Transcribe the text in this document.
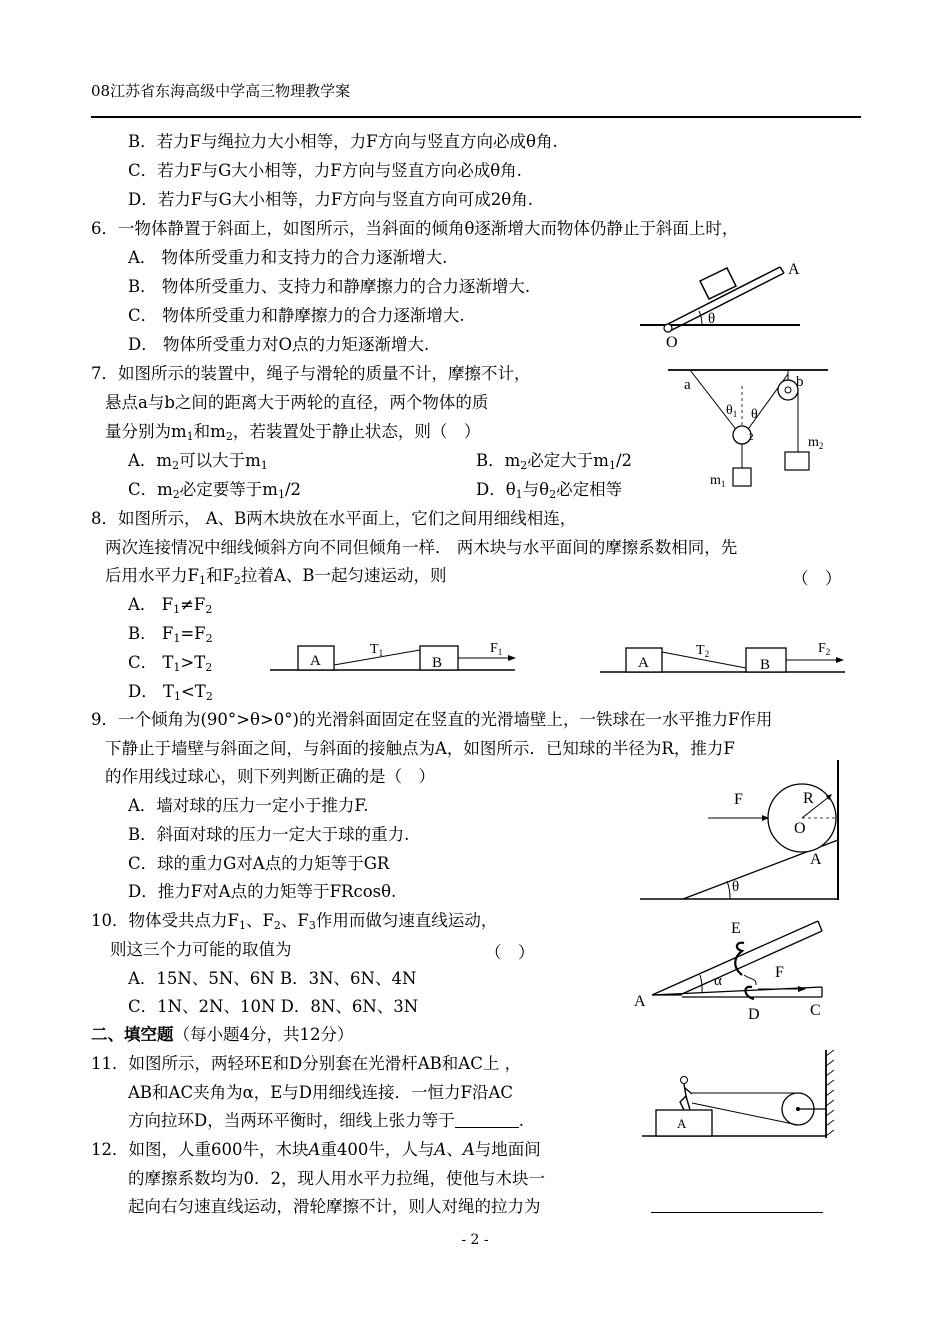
08江苏省东海高级中学高三物理教学案
B．若力F与绳拉力大小相等，力F方向与竖直方向必成θ角.
C．若力F与G大小相等，力F方向与竖直方向必成θ角.
D．若力F与G大小相等，力F方向与竖直方向可成2θ角.
6．一物体静置于斜面上，如图所示，当斜面的倾角θ逐渐增大而物体仍静止于斜面上时，
A． 物体所受重力和支持力的合力逐渐增大.
B． 物体所受重力、支持力和静摩擦力的合力逐渐增大.
C． 物体所受重力和静摩擦力的合力逐渐增大.
D． 物体所受重力对O点的力矩逐渐增大.
A
O
θ
7．如图所示的装置中，绳子与滑轮的质量不计，摩擦不计，
悬点a与b之间的距离大于两轮的直径，两个物体的质
量分别为$m_1$和$m_2$，若装置处于静止状态，则（　）
A．$m_2$可以大于$m_1$	B．$m_2$必定大于$m_1/2$
C．$m_2$必定要等于$m_1/2$	D．$\theta_1$与$\theta_2$必定相等
a	b
$\theta_1$ θ
2
$m_1$
$m_2$
8．如图所示， A、B两木块放在水平面上，它们之间用细线相连，
两次连接情况中细线倾斜方向不同但倾角一样． 两木块与水平面间的摩擦系数相同，先
后用水平力$F_1$和$F_2$拉着A、B一起匀速运动，则	（　）
A． $F_1\ne F_2$
B． $F_1=F_2$
C． $T_1>T_2$
D． $T_1<T_2$
A	B
$T_1$	$F_1$
A	B
$T_2$	$F_2$
9．一个倾角为(90°>θ>0°)的光滑斜面固定在竖直的光滑墙壁上，一铁球在一水平推力F作用
下静止于墙壁与斜面之间，与斜面的接触点为A，如图所示．已知球的半径为R，推力F
的作用线过球心，则下列判断正确的是（　）
A．墙对球的压力一定小于推力F.
B．斜面对球的压力一定大于球的重力.
C．球的重力G对A点的力矩等于GR
D．推力F对A点的力矩等于FRcosθ.
F	R
O
A
θ
10．物体受共点力$F_1$、$F_2$、$F_3$作用而做匀速直线运动，
则这三个力可能的取值为	（　）
A．15N、5N、6N B．3N、6N、4N
C．1N、2N、10N D．8N、6N、3N
E
A
α	F
D	C
二、填空题（每小题4分，共12分）
11．如图所示，两轻环E和D分别套在光滑杆AB和AC上 ，
AB和AC夹角为α，E与D用细线连接．一恒力F沿AC
方向拉环D，当两环平衡时，细线上张力等于	.
12．如图，人重600牛，木块A重400牛，人与A、A与地面间
的摩擦系数均为0．2，现人用水平力拉绳，使他与木块一
起向右匀速直线运动，滑轮摩擦不计，则人对绳的拉力为
A
- 2 -
